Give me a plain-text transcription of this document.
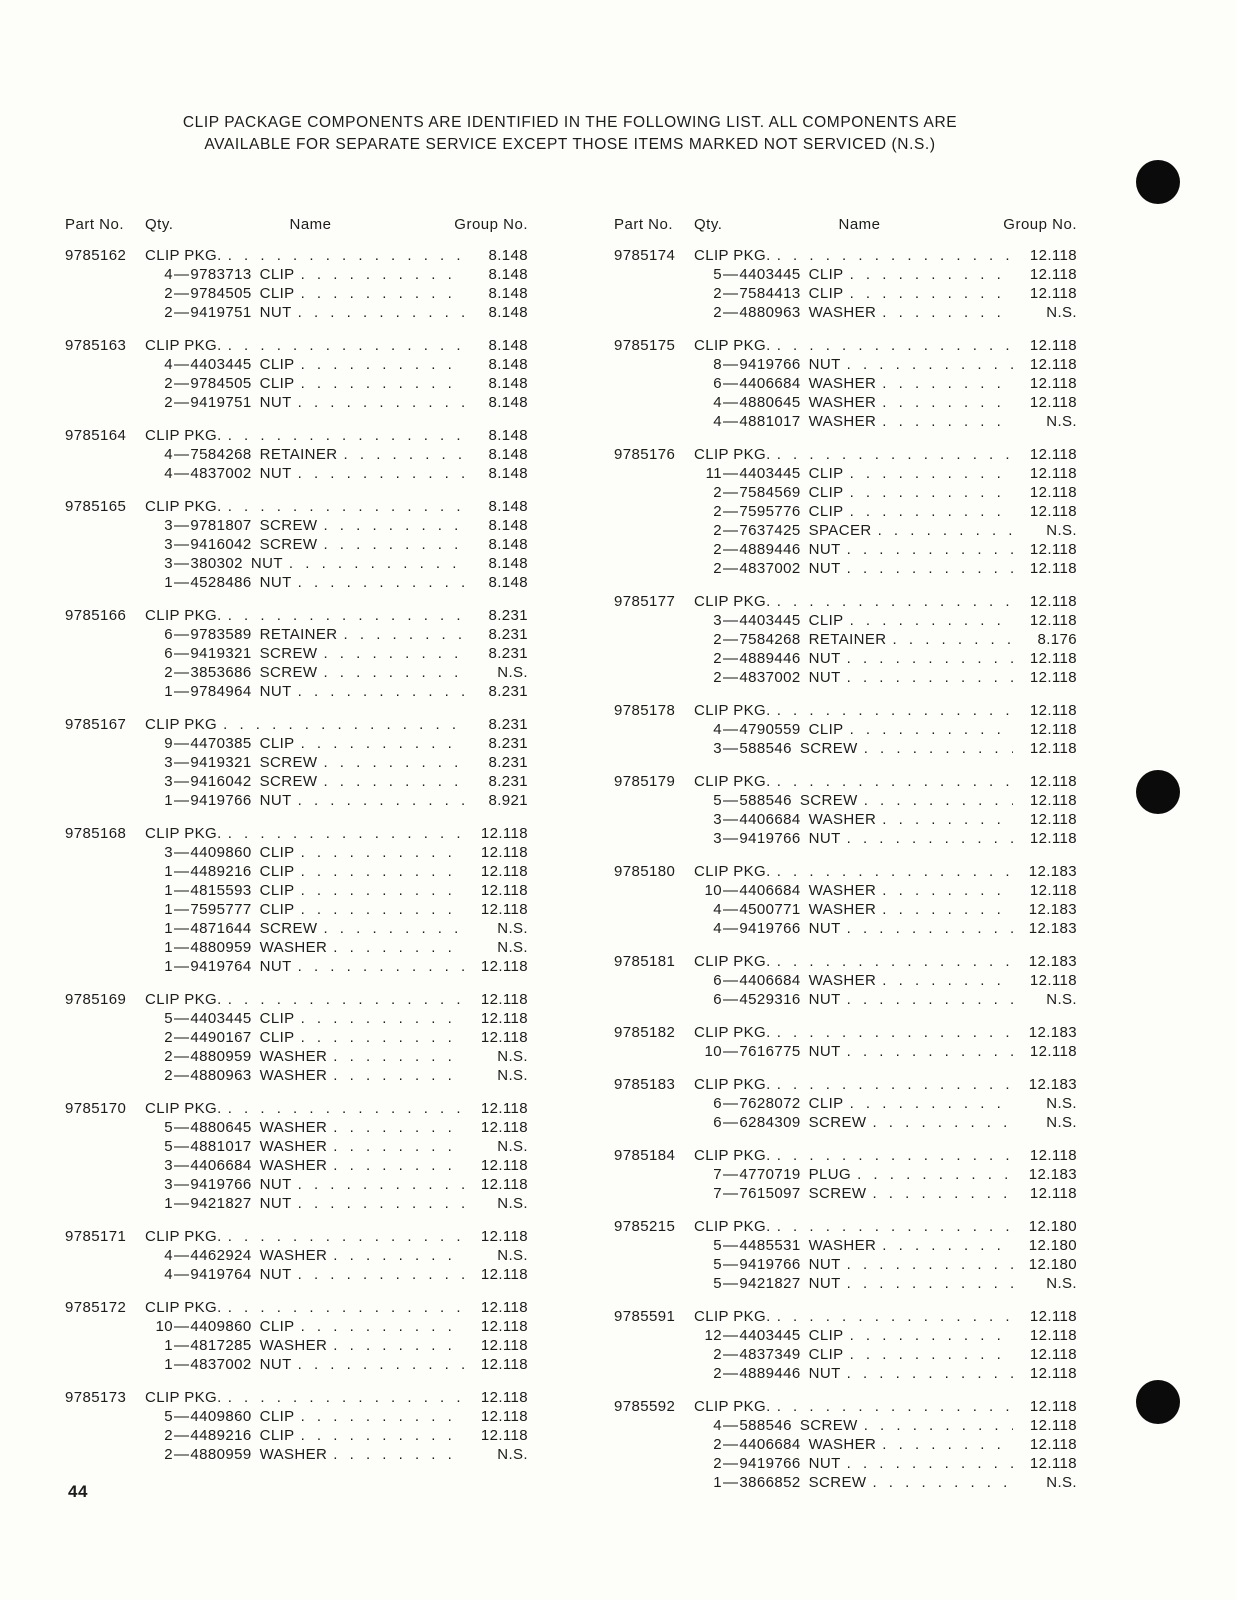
CLIP PACKAGE COMPONENTS ARE IDENTIFIED IN THE FOLLOWING LIST. ALL COMPONENTS ARE
AVAILABLE FOR SEPARATE SERVICE EXCEPT THOSE ITEMS MARKED NOT SERVICED (N.S.)
Part No.	Qty.	Name	Group No.
9785162	CLIP PKG. . . .	8.148
4 — 9783713 CLIP . . .	8.148
2 — 9784505 CLIP . . .	8.148
2 — 9419751 NUT . . .	8.148
9785163	CLIP PKG. . . .	8.148
4 — 4403445 CLIP . . .	8.148
2 — 9784505 CLIP . . .	8.148
2 — 9419751 NUT . . .	8.148
9785164	CLIP PKG. . . .	8.148
4 — 7584268 RETAINER . . .	8.148
4 — 4837002 NUT . . .	8.148
9785165	CLIP PKG. . . .	8.148
3 — 9781807 SCREW . . .	8.148
3 — 9416042 SCREW . . .	8.148
3 — 380302 NUT . . .	8.148
1 — 4528486 NUT . . .	8.148
9785166	CLIP PKG. . . .	8.231
6 — 9783589 RETAINER . . .	8.231
6 — 9419321 SCREW . . .	8.231
2 — 3853686 SCREW . . .	N.S.
1 — 9784964 NUT . . .	8.231
9785167	CLIP PKG . . .	8.231
9 — 4470385 CLIP . . .	8.231
3 — 9419321 SCREW . . .	8.231
3 — 9416042 SCREW . . .	8.231
1 — 9419766 NUT . . .	8.921
9785168	CLIP PKG. . . .	12.118
3 — 4409860 CLIP . . .	12.118
1 — 4489216 CLIP . . .	12.118
1 — 4815593 CLIP . . .	12.118
1 — 7595777 CLIP . . .	12.118
1 — 4871644 SCREW . . .	N.S.
1 — 4880959 WASHER . . .	N.S.
1 — 9419764 NUT . . .	12.118
9785169	CLIP PKG. . . .	12.118
5 — 4403445 CLIP . . .	12.118
2 — 4490167 CLIP . . .	12.118
2 — 4880959 WASHER . . .	N.S.
2 — 4880963 WASHER . . .	N.S.
9785170	CLIP PKG. . . .	12.118
5 — 4880645 WASHER . . .	12.118
5 — 4881017 WASHER . . .	N.S.
3 — 4406684 WASHER . . .	12.118
3 — 9419766 NUT . . .	12.118
1 — 9421827 NUT . . .	N.S.
9785171	CLIP PKG. . . .	12.118
4 — 4462924 WASHER . . .	N.S.
4 — 9419764 NUT . . .	12.118
9785172	CLIP PKG. . . .	12.118
10 — 4409860 CLIP . . .	12.118
1 — 4817285 WASHER . . .	12.118
1 — 4837002 NUT . . .	12.118
9785173	CLIP PKG. . . .	12.118
5 — 4409860 CLIP . . .	12.118
2 — 4489216 CLIP . . .	12.118
2 — 4880959 WASHER . . .	N.S.
Part No.	Qty.	Name	Group No.
9785174	CLIP PKG. . . .	12.118
5 — 4403445 CLIP . . .	12.118
2 — 7584413 CLIP . . .	12.118
2 — 4880963 WASHER . . .	N.S.
9785175	CLIP PKG. . . .	12.118
8 — 9419766 NUT . . .	12.118
6 — 4406684 WASHER . . .	12.118
4 — 4880645 WASHER . . .	12.118
4 — 4881017 WASHER . . .	N.S.
9785176	CLIP PKG. . . .	12.118
11 — 4403445 CLIP . . .	12.118
2 — 7584569 CLIP . . .	12.118
2 — 7595776 CLIP . . .	12.118
2 — 7637425 SPACER . . .	N.S.
2 — 4889446 NUT . . .	12.118
2 — 4837002 NUT . . .	12.118
9785177	CLIP PKG. . . .	12.118
3 — 4403445 CLIP . . .	12.118
2 — 7584268 RETAINER . . .	8.176
2 — 4889446 NUT . . .	12.118
2 — 4837002 NUT . . .	12.118
9785178	CLIP PKG. . . .	12.118
4 — 4790559 CLIP . . .	12.118
3 — 588546 SCREW . . .	12.118
9785179	CLIP PKG. . . .	12.118
5 — 588546 SCREW . . .	12.118
3 — 4406684 WASHER . . .	12.118
3 — 9419766 NUT . . .	12.118
9785180	CLIP PKG. . . .	12.183
10 — 4406684 WASHER . . .	12.118
4 — 4500771 WASHER . . .	12.183
4 — 9419766 NUT . . .	12.183
9785181	CLIP PKG. . . .	12.183
6 — 4406684 WASHER . . .	12.118
6 — 4529316 NUT . . .	N.S.
9785182	CLIP PKG. . . .	12.183
10 — 7616775 NUT . . .	12.118
9785183	CLIP PKG. . . .	12.183
6 — 7628072 CLIP . . .	N.S.
6 — 6284309 SCREW . . .	N.S.
9785184	CLIP PKG. . . .	12.118
7 — 4770719 PLUG . . .	12.183
7 — 7615097 SCREW . . .	12.118
9785215	CLIP PKG. . . .	12.180
5 — 4485531 WASHER . . .	12.180
5 — 9419766 NUT . . .	12.180
5 — 9421827 NUT . . .	N.S.
9785591	CLIP PKG. . . .	12.118
12 — 4403445 CLIP . . .	12.118
2 — 4837349 CLIP . . .	12.118
2 — 4889446 NUT . . .	12.118
9785592	CLIP PKG. . . .	12.118
4 — 588546 SCREW . . .	12.118
2 — 4406684 WASHER . . .	12.118
2 — 9419766 NUT . . .	12.118
1 — 3866852 SCREW . . .	N.S.
44
